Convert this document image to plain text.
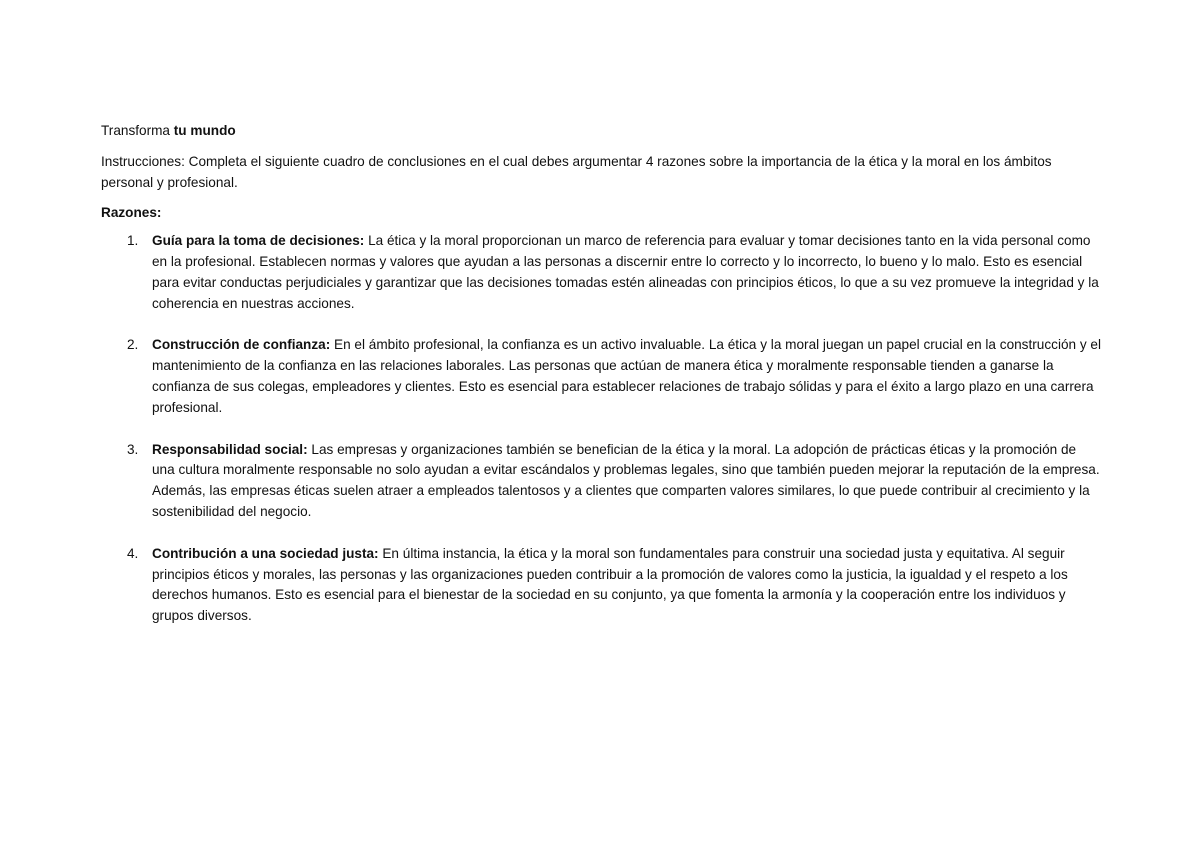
Transforma tu mundo

Instrucciones: Completa el siguiente cuadro de conclusiones en el cual debes argumentar 4 razones sobre la importancia de la ética y la moral en los ámbitos personal y profesional.

Razones:

1. Guía para la toma de decisiones: La ética y la moral proporcionan un marco de referencia para evaluar y tomar decisiones tanto en la vida personal como en la profesional. Establecen normas y valores que ayudan a las personas a discernir entre lo correcto y lo incorrecto, lo bueno y lo malo. Esto es esencial para evitar conductas perjudiciales y garantizar que las decisiones tomadas estén alineadas con principios éticos, lo que a su vez promueve la integridad y la coherencia en nuestras acciones.
2. Construcción de confianza: En el ámbito profesional, la confianza es un activo invaluable. La ética y la moral juegan un papel crucial en la construcción y el mantenimiento de la confianza en las relaciones laborales. Las personas que actúan de manera ética y moralmente responsable tienden a ganarse la confianza de sus colegas, empleadores y clientes. Esto es esencial para establecer relaciones de trabajo sólidas y para el éxito a largo plazo en una carrera profesional.
3. Responsabilidad social: Las empresas y organizaciones también se benefician de la ética y la moral. La adopción de prácticas éticas y la promoción de una cultura moralmente responsable no solo ayudan a evitar escándalos y problemas legales, sino que también pueden mejorar la reputación de la empresa. Además, las empresas éticas suelen atraer a empleados talentosos y a clientes que comparten valores similares, lo que puede contribuir al crecimiento y la sostenibilidad del negocio.
4. Contribución a una sociedad justa: En última instancia, la ética y la moral son fundamentales para construir una sociedad justa y equitativa. Al seguir principios éticos y morales, las personas y las organizaciones pueden contribuir a la promoción de valores como la justicia, la igualdad y el respeto a los derechos humanos. Esto es esencial para el bienestar de la sociedad en su conjunto, ya que fomenta la armonía y la cooperación entre los individuos y grupos diversos.
